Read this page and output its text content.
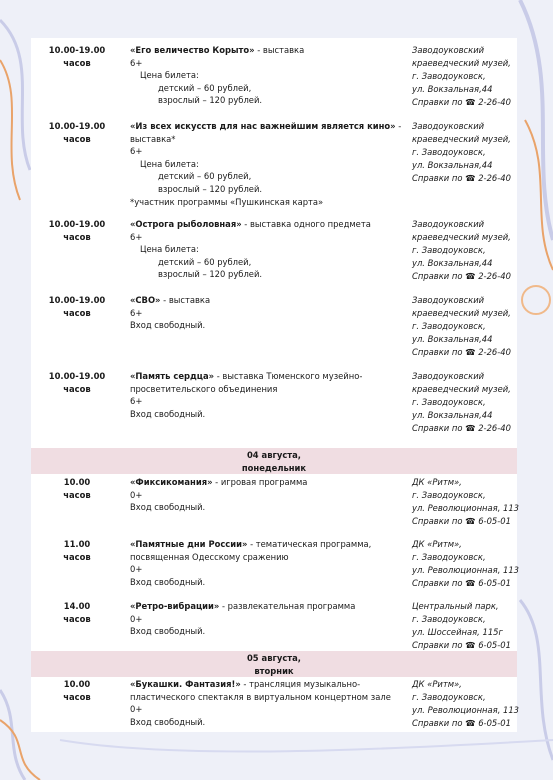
10.00-19.00
часов
«Его величество Корыто» - выставка
6+
Цена билета:
детский – 60 рублей,
взрослый – 120 рублей.
Заводоуковский
краеведческий музей,
г. Заводоуковск,
ул. Вокзальная,44
Справки по ☎ 2-26-40
10.00-19.00
часов
«Из всех искусств для нас важнейшим является кино» - выставка*
6+
Цена билета:
детский – 60 рублей,
взрослый – 120 рублей.
*участник программы «Пушкинская карта»
Заводоуковский
краеведческий музей,
г. Заводоуковск,
ул. Вокзальная,44
Справки по ☎ 2-26-40
10.00-19.00
часов
«Острога рыболовная» - выставка одного предмета
6+
Цена билета:
детский – 60 рублей,
взрослый – 120 рублей.
Заводоуковский
краеведческий музей,
г. Заводоуковск,
ул. Вокзальная,44
Справки по ☎ 2-26-40
10.00-19.00
часов
«СВО» - выставка
6+
Вход свободный.
Заводоуковский
краеведческий музей,
г. Заводоуковск,
ул. Вокзальная,44
Справки по ☎ 2-26-40
10.00-19.00
часов
«Память сердца» - выставка Тюменского музейно-
просветительского объединения
6+
Вход свободный.
Заводоуковский
краеведческий музей,
г. Заводоуковск,
ул. Вокзальная,44
Справки по ☎ 2-26-40
04 августа,
понедельник
10.00
часов
«Фиксикомания» - игровая программа
0+
Вход свободный.
ДК «Ритм»,
г. Заводоуковск,
ул. Революционная, 113
Справки по ☎ 6-05-01
11.00
часов
«Памятные дни России» - тематическая программа,
посвященная Одесскому сражению
0+
Вход свободный.
ДК «Ритм»,
г. Заводоуковск,
ул. Революционная, 113
Справки по ☎ 6-05-01
14.00
часов
«Ретро-вибрации» - развлекательная программа
0+
Вход свободный.
Центральный парк,
г. Заводоуковск,
ул. Шоссейная, 115г
Справки по ☎ 6-05-01
05 августа,
вторник
10.00
часов
«Букашки. Фантазия!» - трансляция музыкально-
пластического спектакля в виртуальном концертном зале
0+
Вход свободный.
ДК «Ритм»,
г. Заводоуковск,
ул. Революционная, 113
Справки по ☎ 6-05-01
